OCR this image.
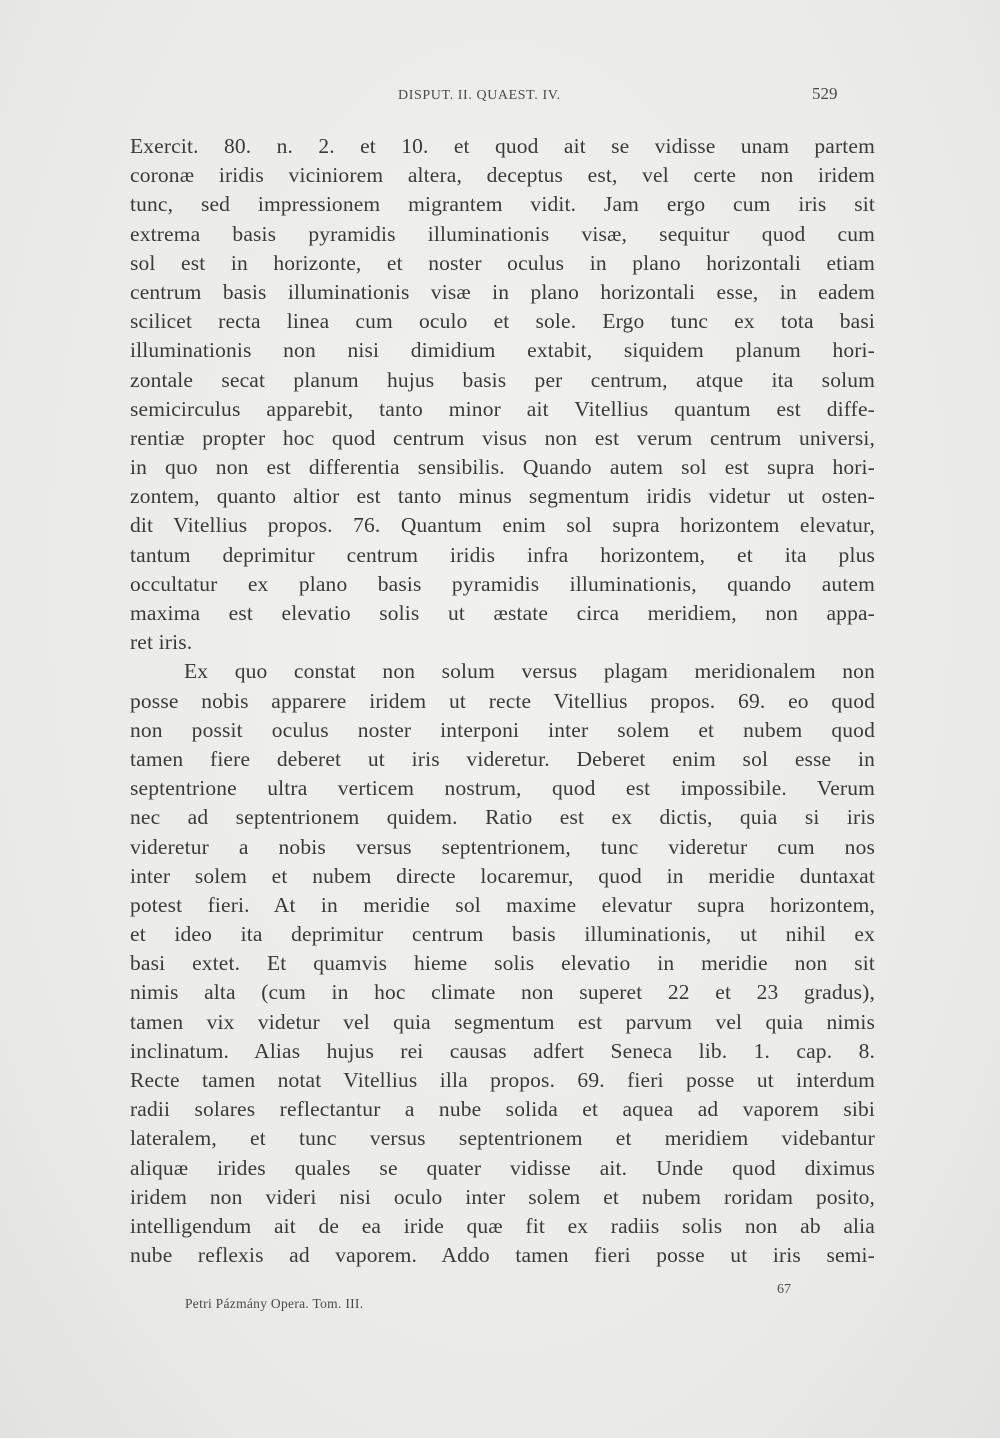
DISPUT. II. QUAEST. IV.	529
Exercit. 80. n. 2. et 10. et quod ait se vidisse unam partem
coronæ iridis viciniorem altera, deceptus est, vel certe non iridem
tunc, sed impressionem migrantem vidit. Jam ergo cum iris sit
extrema basis pyramidis illuminationis visæ, sequitur quod cum
sol est in horizonte, et noster oculus in plano horizontali etiam
centrum basis illuminationis visæ in plano horizontali esse, in eadem
scilicet recta linea cum oculo et sole. Ergo tunc ex tota basi
illuminationis non nisi dimidium extabit, siquidem planum hori-
zontale secat planum hujus basis per centrum, atque ita solum
semicirculus apparebit, tanto minor ait Vitellius quantum est diffe-
rentiæ propter hoc quod centrum visus non est verum centrum universi,
in quo non est differentia sensibilis. Quando autem sol est supra hori-
zontem, quanto altior est tanto minus segmentum iridis videtur ut osten-
dit Vitellius propos. 76. Quantum enim sol supra horizontem elevatur,
tantum deprimitur centrum iridis infra horizontem, et ita plus
occultatur ex plano basis pyramidis illuminationis, quando autem
maxima est elevatio solis ut æstate circa meridiem, non appa-
ret iris.
Ex quo constat non solum versus plagam meridionalem non
posse nobis apparere iridem ut recte Vitellius propos. 69. eo quod
non possit oculus noster interponi inter solem et nubem quod
tamen fiere deberet ut iris videretur. Deberet enim sol esse in
septentrione ultra verticem nostrum, quod est impossibile. Verum
nec ad septentrionem quidem. Ratio est ex dictis, quia si iris
videretur a nobis versus septentrionem, tunc videretur cum nos
inter solem et nubem directe locaremur, quod in meridie duntaxat
potest fieri. At in meridie sol maxime elevatur supra horizontem,
et ideo ita deprimitur centrum basis illuminationis, ut nihil ex
basi extet. Et quamvis hieme solis elevatio in meridie non sit
nimis alta (cum in hoc climate non superet 22 et 23 gradus),
tamen vix videtur vel quia segmentum est parvum vel quia nimis
inclinatum. Alias hujus rei causas adfert Seneca lib. 1. cap. 8.
Recte tamen notat Vitellius illa propos. 69. fieri posse ut interdum
radii solares reflectantur a nube solida et aquea ad vaporem sibi
lateralem, et tunc versus septentrionem et meridiem videbantur
aliquæ irides quales se quater vidisse ait. Unde quod diximus
iridem non videri nisi oculo inter solem et nubem roridam posito,
intelligendum ait de ea iride quæ fit ex radiis solis non ab alia
nube reflexis ad vaporem. Addo tamen fieri posse ut iris semi-
Petri Pázmány Opera. Tom. III.
67
